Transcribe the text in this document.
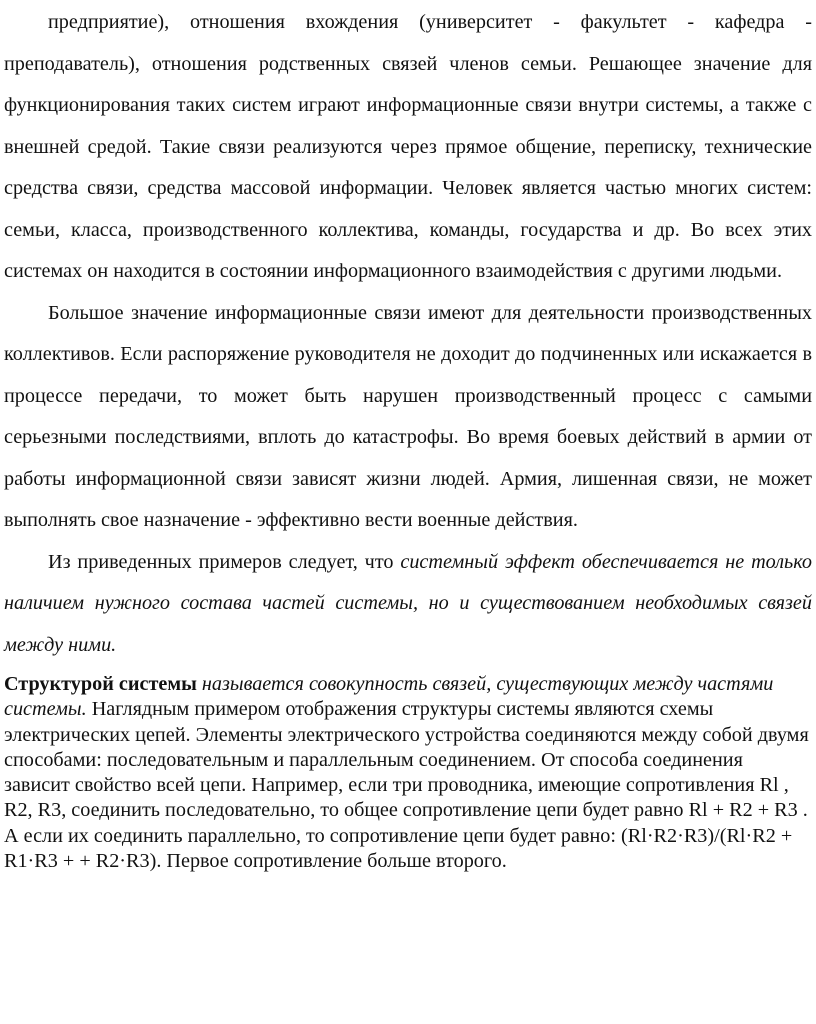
предприятие), отношения вхождения (университет - факультет - кафедра - преподаватель), отношения родственных связей членов семьи. Решающее значение для функционирования таких систем играют информационные связи внутри системы, а также с внешней средой. Такие связи реализуются через прямое общение, переписку, технические средства связи, средства массовой информации. Человек является частью многих систем: семьи, класса, производственного коллектива, команды, государства и др. Во всех этих системах он находится в состоянии информационного взаимодействия с другими людьми.

Большое значение информационные связи имеют для деятельности производственных коллективов. Если распоряжение руководителя не доходит до подчиненных или искажается в процессе передачи, то может быть нарушен производственный процесс с самыми серьезными последствиями, вплоть до катастрофы. Во время боевых действий в армии от работы информационной связи зависят жизни людей. Армия, лишенная связи, не может выполнять свое назначение - эффективно вести военные действия.

Из приведенных примеров следует, что системный эффект обеспечивается не только наличием нужного состава частей системы, но и существованием необходимых связей между ними.

Структурой системы называется совокупность связей, существующих между частями системы. Наглядным примером отображения структуры системы являются схемы электрических цепей. Элементы электрического устройства соединяются между собой двумя способами: последовательным и параллельным соединением. От способа соединения зависит свойство всей цепи. Например, если три проводника, имеющие сопротивления Rl , R2, R3, соединить последовательно, то общее сопротивление цепи будет равно Rl + R2 + R3 . А если их соединить параллельно, то сопротивление цепи будет равно: (Rl·R2·R3)/(Rl·R2 + R1·R3 + + R2·R3). Первое сопротивление больше второго.
